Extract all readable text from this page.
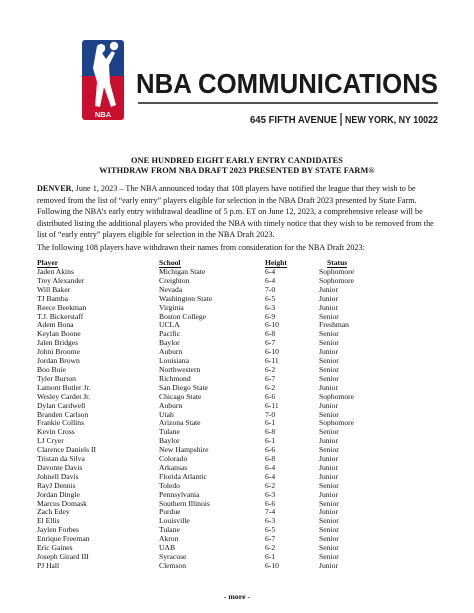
NBA
NBA COMMUNICATIONS
645 FIFTH AVENUE NEW YORK, NY 10022
ONE HUNDRED EIGHT EARLY ENTRY CANDIDATES
WITHDRAW FROM NBA DRAFT 2023 PRESENTED BY STATE FARM®
DENVER, June 1, 2023 – The NBA announced today that 108 players have notified the league that they wish to be removed from the list of “early entry” players eligible for selection in the NBA Draft 2023 presented by State Farm. Following the NBA’s early entry withdrawal deadline of 5 p.m. ET on June 12, 2023, a comprehensive release will be distributed listing the additional players who provided the NBA with timely notice that they wish to be removed from the list of “early entry” players eligible for selection in the NBA Draft 2023.
The following 108 players have withdrawn their names from consideration for the NBA Draft 2023:
Player	School	Height	Status
Jaden Akins	Michigan State	6-4	Sophomore
Trey Alexander	Creighton	6-4	Sophomore
Will Baker	Nevada	7-0	Junior
TJ Bamba	Washington State	6-5	Junior
Reece Beekman	Virginia	6-3	Junior
T.J. Bickerstaff	Boston College	6-9	Senior
Adem Bona	UCLA	6-10	Freshman
Keylan Boone	Pacific	6-8	Senior
Jalen Bridges	Baylor	6-7	Senior
Johni Broome	Auburn	6-10	Junior
Jordan Brown	Louisiana	6-11	Senior
Boo Buie	Northwestern	6-2	Senior
Tyler Burton	Richmond	6-7	Senior
Lamont Butler Jr.	San Diego State	6-2	Junior
Wesley Cardet Jr.	Chicago State	6-6	Sophomore
Dylan Cardwell	Auburn	6-11	Junior
Branden Carlson	Utah	7-0	Senior
Frankie Collins	Arizona State	6-1	Sophomore
Kevin Cross	Tulane	6-8	Senior
LJ Cryer	Baylor	6-1	Junior
Clarence Daniels II	New Hampshire	6-6	Senior
Tristan da Silva	Colorado	6-8	Junior
Davonte Davis	Arkansas	6-4	Junior
Johnell Davis	Florida Atlantic	6-4	Junior
RayJ Dennis	Toledo	6-2	Senior
Jordan Dingle	Pennsylvania	6-3	Junior
Marcus Domask	Southern Illinois	6-6	Senior
Zach Edey	Purdue	7-4	Junior
El Ellis	Louisville	6-3	Senior
Jaylen Forbes	Tulane	6-5	Senior
Enrique Freeman	Akron	6-7	Senior
Eric Gaines	UAB	6-2	Senior
Joseph Girard III	Syracuse	6-1	Senior
PJ Hall	Clemson	6-10	Junior
- more -
